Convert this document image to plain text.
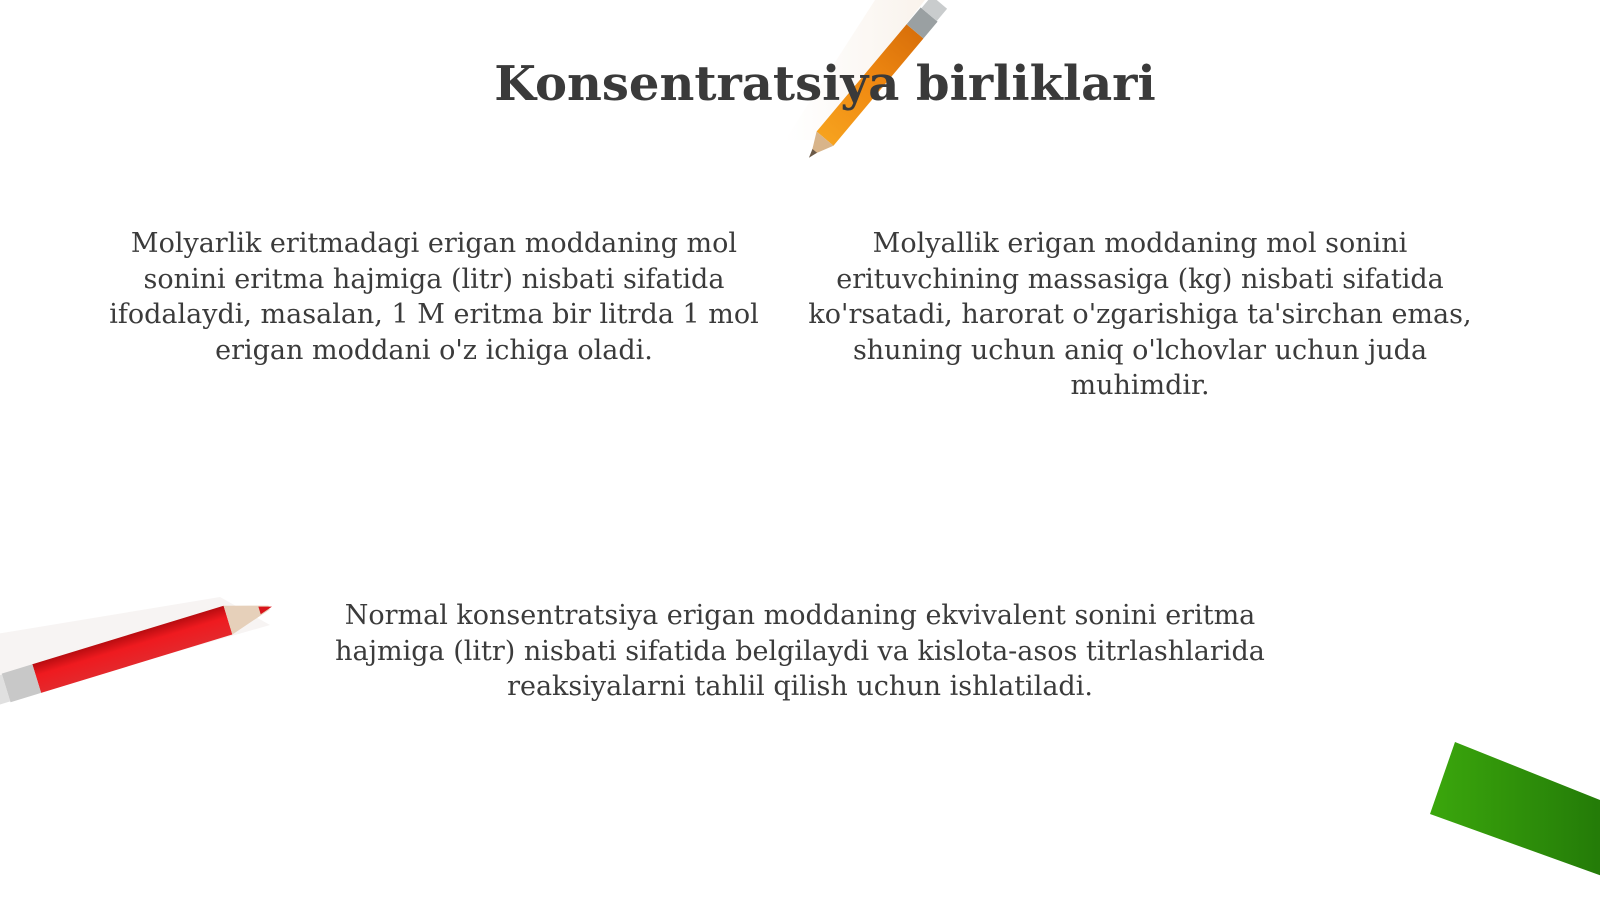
Konsentratsiya birliklari
Molyarlik eritmadagi erigan moddaning mol sonini eritma hajmiga (litr) nisbati sifatida ifodalaydi, masalan, 1 M eritma bir litrda 1 mol erigan moddani o'z ichiga oladi.
Molyallik erigan moddaning mol sonini erituvchining massasiga (kg) nisbati sifatida ko'rsatadi, harorat o'zgarishiga ta'sirchan emas, shuning uchun aniq o'lchovlar uchun juda muhimdir.
Normal konsentratsiya erigan moddaning ekvivalent sonini eritma hajmiga (litr) nisbati sifatida belgilaydi va kislota-asos titrlashlarida reaksiyalarni tahlil qilish uchun ishlatiladi.
